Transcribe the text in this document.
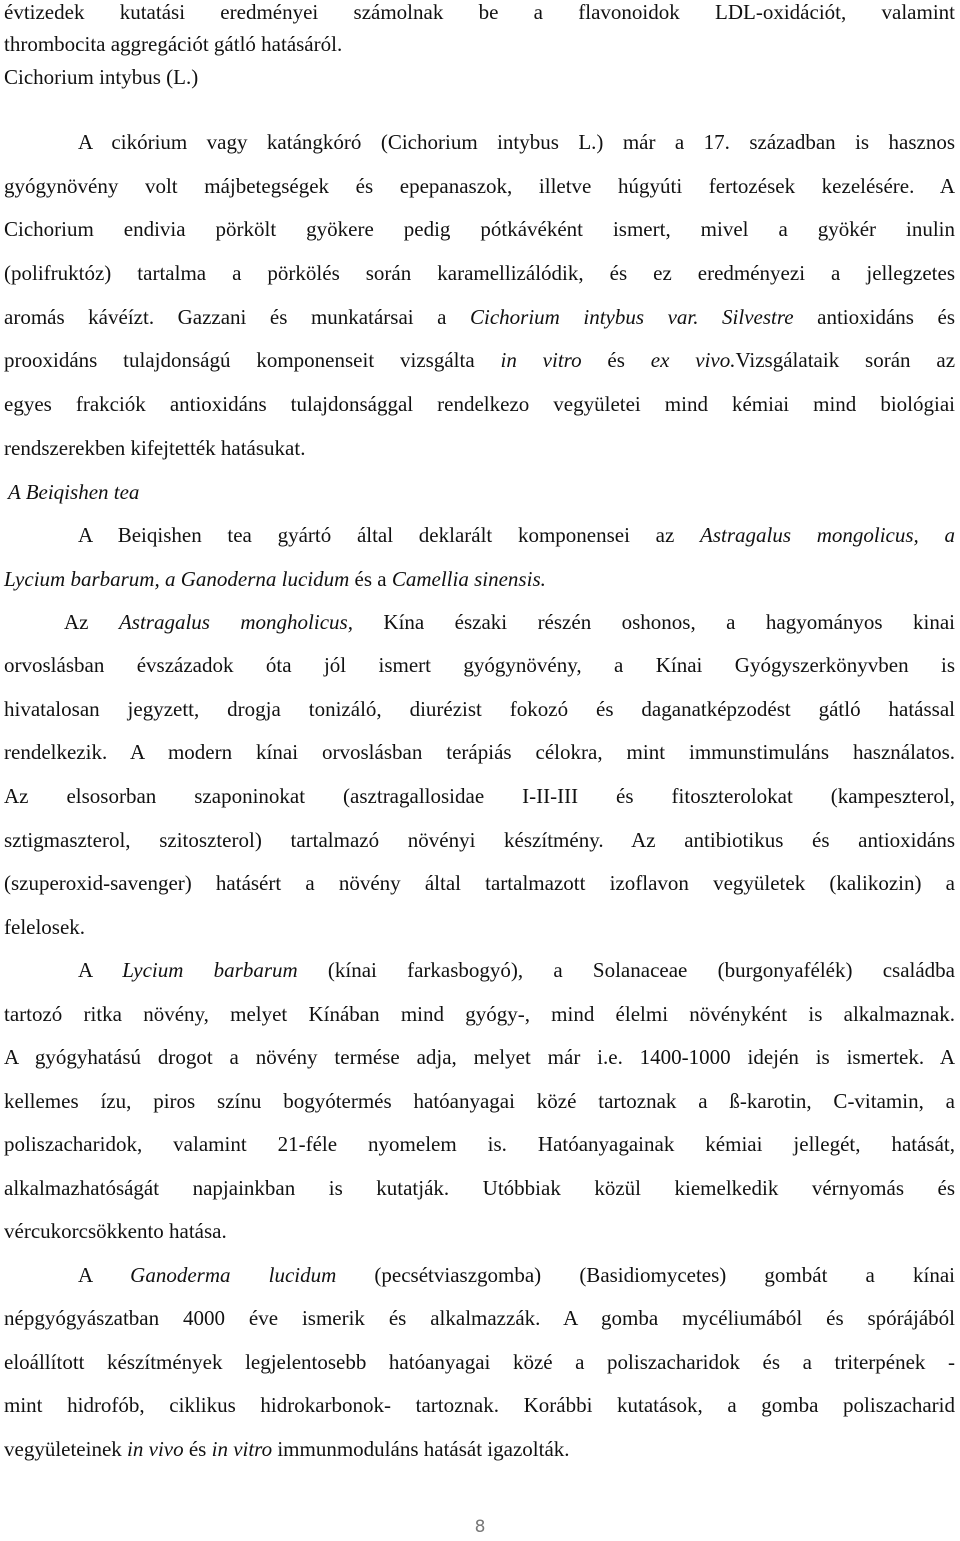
évtizedek kutatási eredményei számolnak be a flavonoidok LDL-oxidációt, valamint
thrombocita aggregációt gátló hatásáról.
Cichorium intybus (L.)
A cikórium vagy katángkóró (Cichorium intybus L.) már a 17. században is hasznos
gyógynövény volt májbetegségek és epepanaszok, illetve húgyúti fertozések kezelésére. A
Cichorium endivia pörkölt gyökere pedig pótkávéként ismert, mivel a gyökér inulin
(polifruktóz) tartalma a pörkölés során karamellizálódik, és ez eredményezi a jellegzetes
aromás kávéízt. Gazzani és munkatársai a Cichorium intybus var. Silvestre antioxidáns és
prooxidáns tulajdonságú komponenseit vizsgálta in vitro és ex vivo.Vizsgálataik során az
egyes frakciók antioxidáns tulajdonsággal rendelkezo vegyületei mind kémiai mind biológiai
rendszerekben kifejtették hatásukat.
A Beiqishen tea
A Beiqishen tea gyártó által deklarált komponensei az Astragalus mongolicus, a
Lycium barbarum, a Ganoderna lucidum és a Camellia sinensis.
Az Astragalus mongholicus, Kína északi részén oshonos, a hagyományos kinai
orvoslásban évszázadok óta jól ismert gyógynövény, a Kínai Gyógyszerkönyvben is
hivatalosan jegyzett, drogja tonizáló, diurézist fokozó és daganatképzodést gátló hatással
rendelkezik. A modern kínai orvoslásban terápiás célokra, mint immunstimuláns használatos.
Az elsosorban szaponinokat (asztragallosidae I-II-III és fitoszterolokat (kampeszterol,
sztigmaszterol, szitoszterol) tartalmazó növényi készítmény. Az antibiotikus és antioxidáns
(szuperoxid-savenger) hatásért a növény által tartalmazott izoflavon vegyületek (kalikozin) a
felelosek.
A Lycium barbarum (kínai farkasbogyó), a Solanaceae (burgonyafélék) családba
tartozó ritka növény, melyet Kínában mind gyógy-, mind élelmi növényként is alkalmaznak.
A gyógyhatású drogot a növény termése adja, melyet már i.e. 1400-1000 idején is ismertek. A
kellemes ízu, piros színu bogyótermés hatóanyagai közé tartoznak a ß-karotin, C-vitamin, a
poliszacharidok, valamint 21-féle nyomelem is. Hatóanyagainak kémiai jellegét, hatását,
alkalmazhatóságát napjainkban is kutatják. Utóbbiak közül kiemelkedik vérnyomás és
vércukorcsökkento hatása.
A Ganoderma lucidum (pecsétviaszgomba) (Basidiomycetes) gombát a kínai
népgyógyászatban 4000 éve ismerik és alkalmazzák. A gomba mycéliumából és spórájából
eloállított készítmények legjelentosebb hatóanyagai közé a poliszacharidok és a triterpének -
mint hidrofób, ciklikus hidrokarbonok- tartoznak. Korábbi kutatások, a gomba poliszacharid
vegyületeinek in vivo és in vitro immunmoduláns hatását igazolták.
8
